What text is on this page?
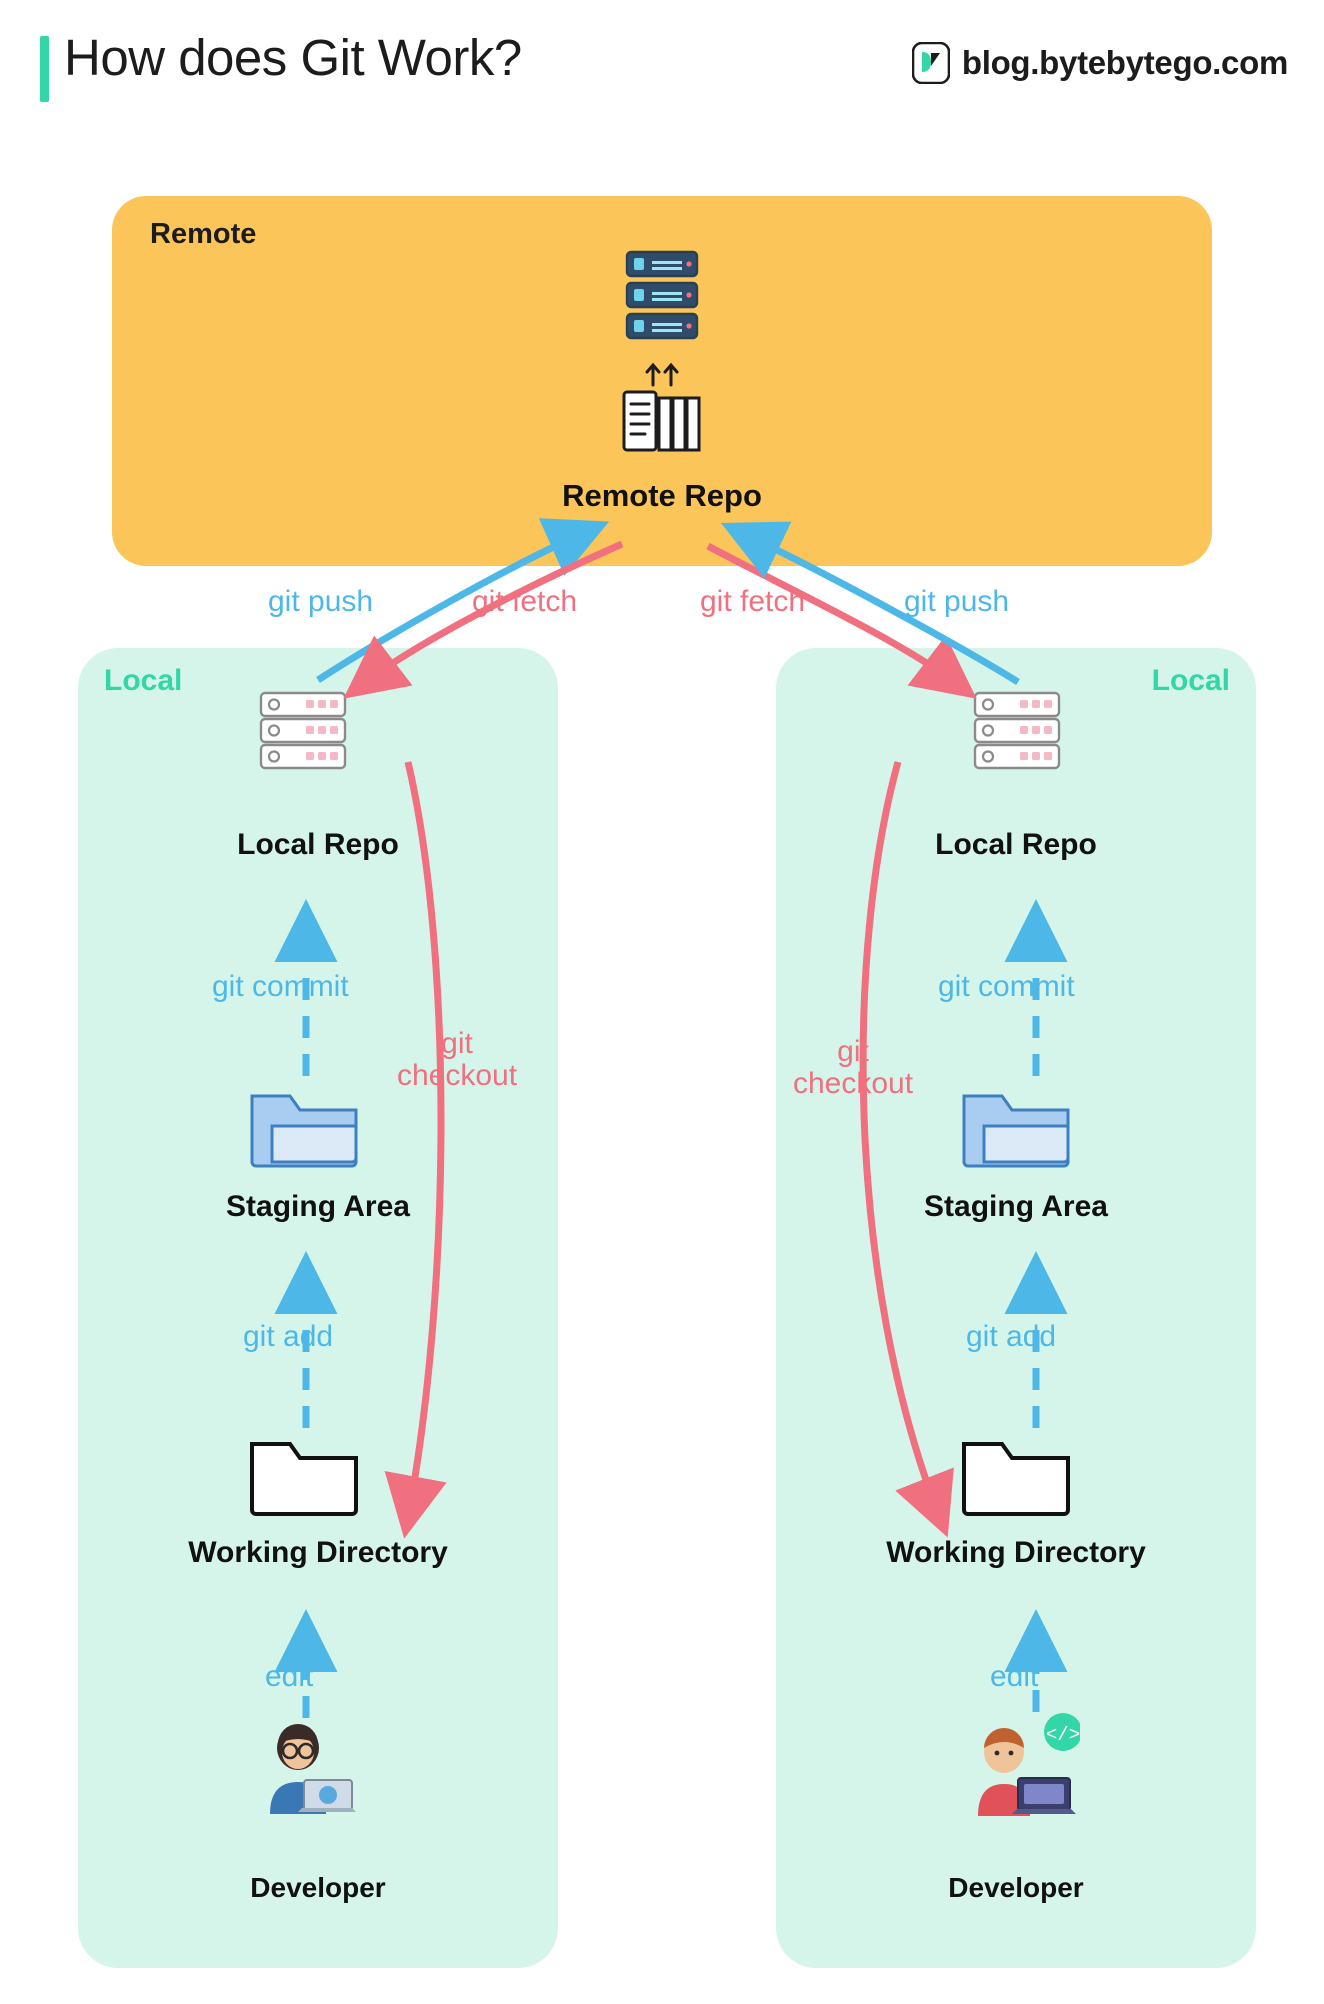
How does Git Work?	blog.bytebytego.com
Remote
Remote Repo
Local	Local
Local Repo
Staging Area
Working Directory
Developer
Local Repo
Staging Area
Working Directory
</>
Developer
git push	git fetch	git fetch	git push
git commit
git add
edit
git
checkout
git commit
git add
edit
git
checkout
